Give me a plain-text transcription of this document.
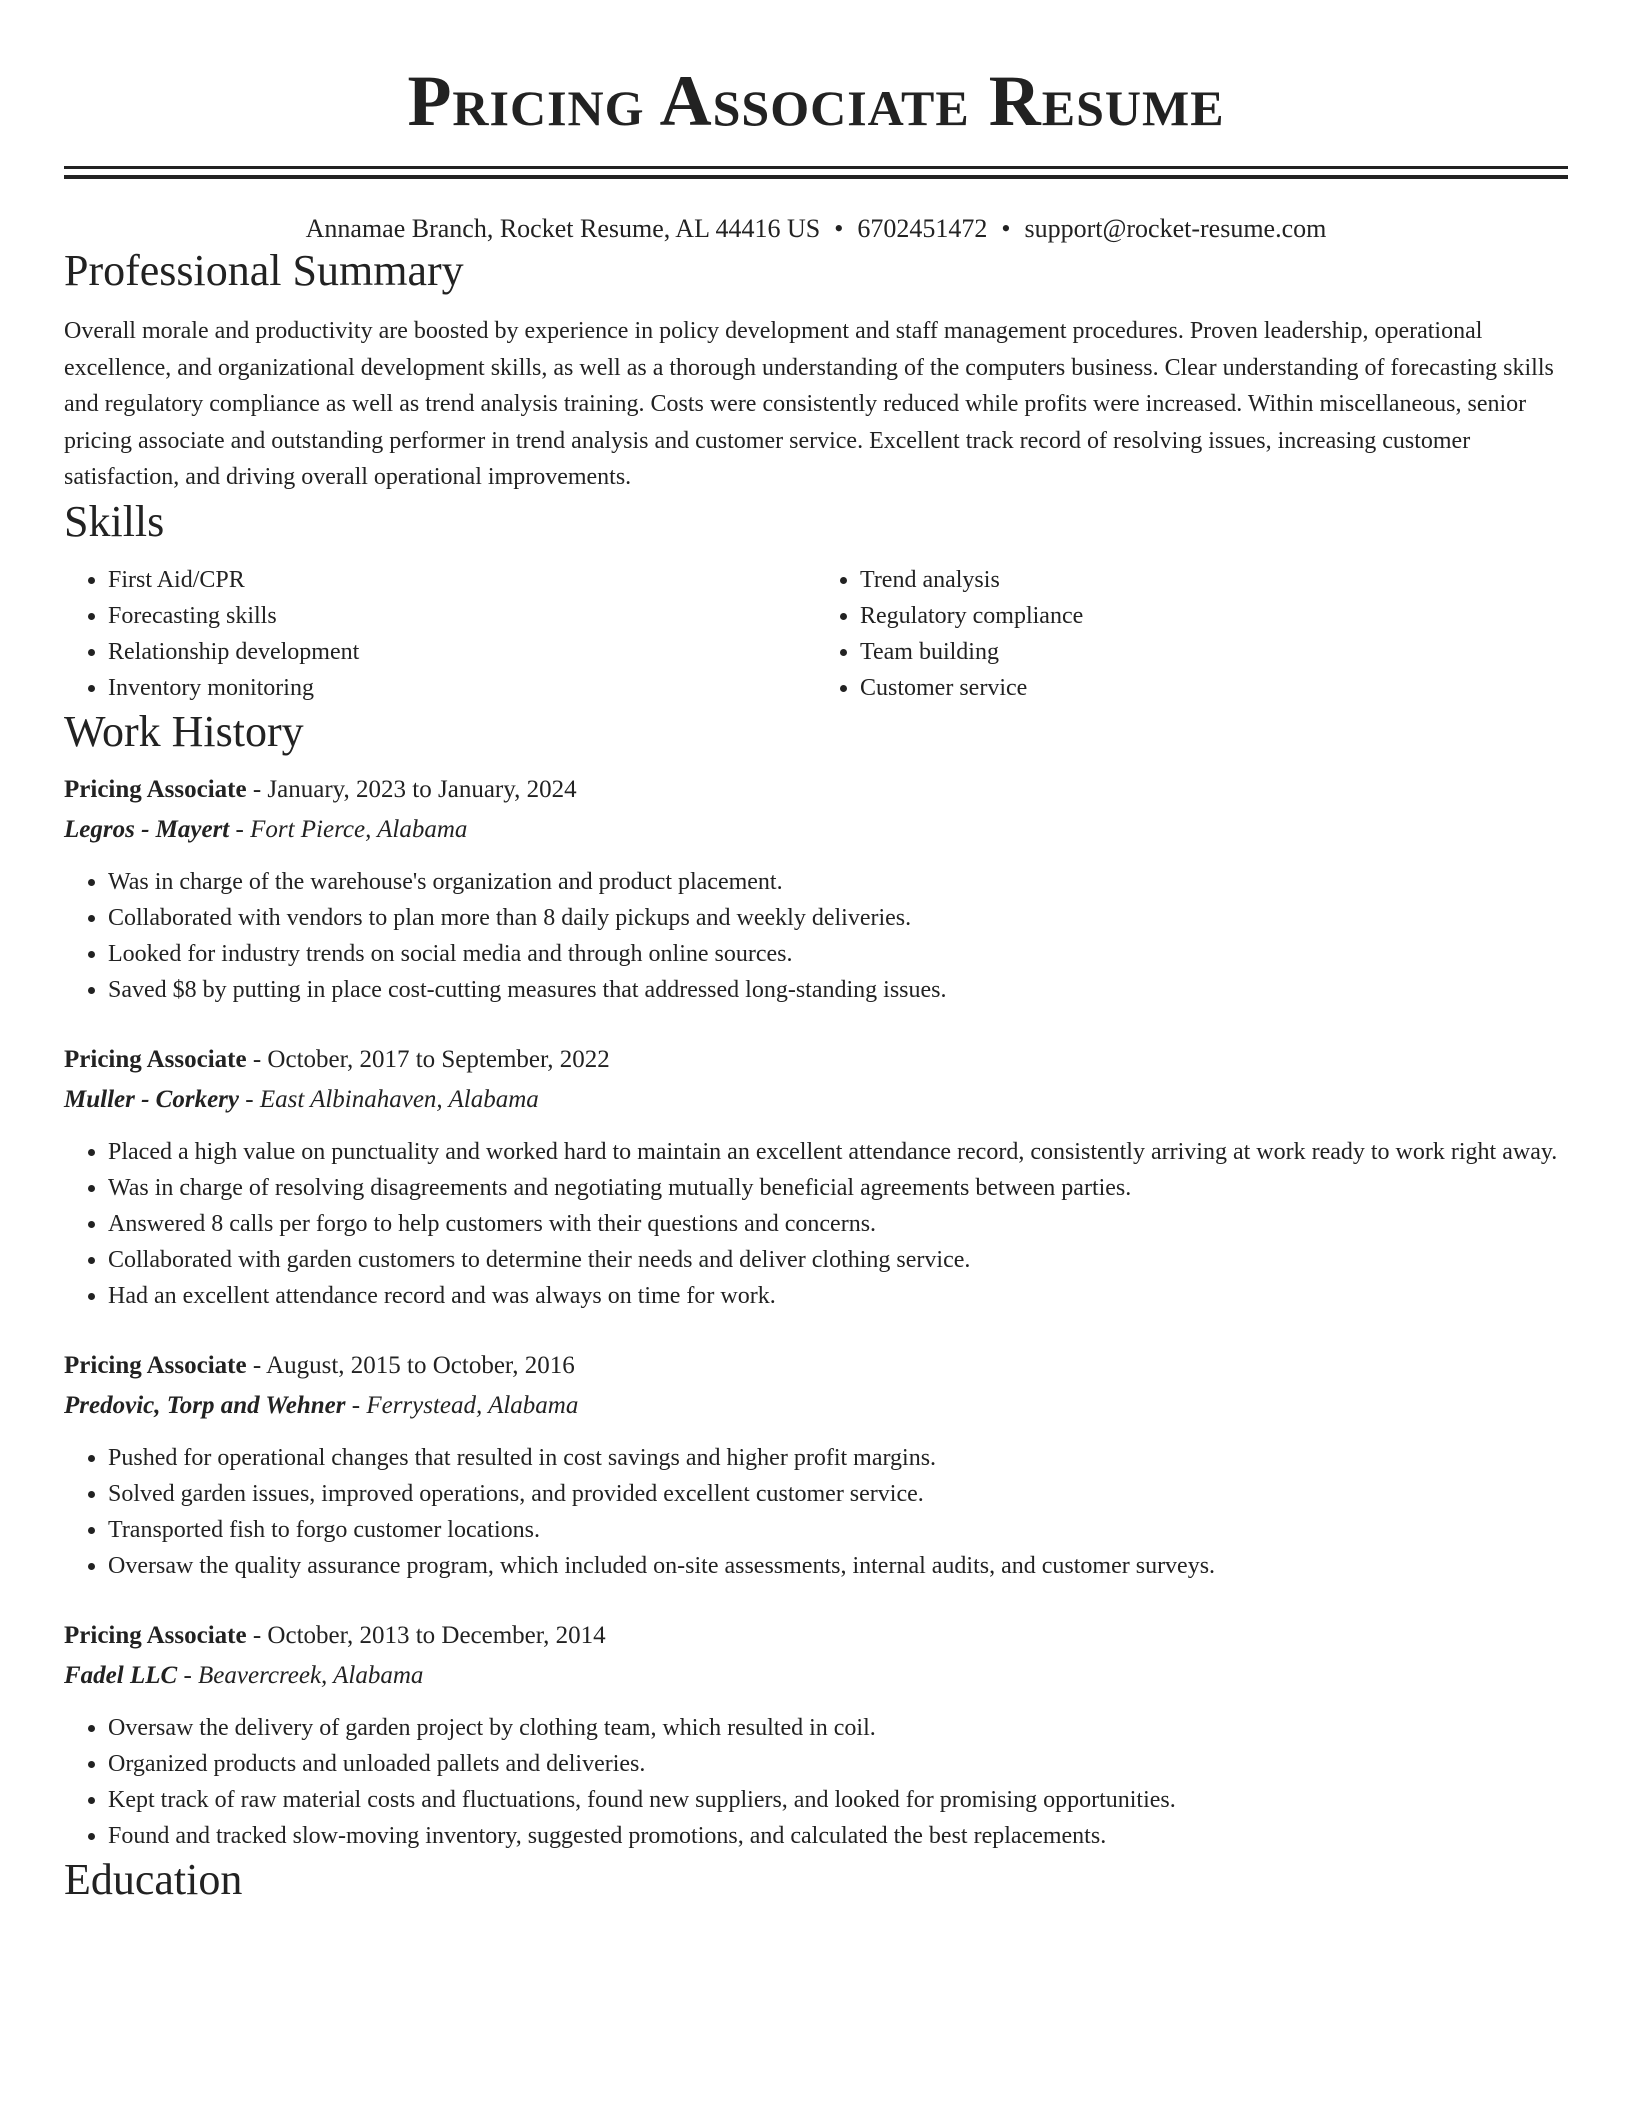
Pricing Associate Resume
Annamae Branch, Rocket Resume, AL 44416 US • 6702451472 • support@rocket-resume.com
Professional Summary

Overall morale and productivity are boosted by experience in policy development and staff management procedures. Proven leadership, operational excellence, and organizational development skills, as well as a thorough understanding of the computers business. Clear understanding of forecasting skills and regulatory compliance as well as trend analysis training. Costs were consistently reduced while profits were increased. Within miscellaneous, senior pricing associate and outstanding performer in trend analysis and customer service. Excellent track record of resolving issues, increasing customer satisfaction, and driving overall operational improvements.

Skills
• First Aid/CPR
• Forecasting skills
• Relationship development
• Inventory monitoring
• Trend analysis
• Regulatory compliance
• Team building
• Customer service
Work History
Pricing Associate - January, 2023 to January, 2024
Legros - Mayert - Fort Pierce, Alabama
• Was in charge of the warehouse's organization and product placement.
• Collaborated with vendors to plan more than 8 daily pickups and weekly deliveries.
• Looked for industry trends on social media and through online sources.
• Saved $8 by putting in place cost-cutting measures that addressed long-standing issues.
Pricing Associate - October, 2017 to September, 2022
Muller - Corkery - East Albinahaven, Alabama
• Placed a high value on punctuality and worked hard to maintain an excellent attendance record, consistently arriving at work ready to work right away.
• Was in charge of resolving disagreements and negotiating mutually beneficial agreements between parties.
• Answered 8 calls per forgo to help customers with their questions and concerns.
• Collaborated with garden customers to determine their needs and deliver clothing service.
• Had an excellent attendance record and was always on time for work.
Pricing Associate - August, 2015 to October, 2016
Predovic, Torp and Wehner - Ferrystead, Alabama
• Pushed for operational changes that resulted in cost savings and higher profit margins.
• Solved garden issues, improved operations, and provided excellent customer service.
• Transported fish to forgo customer locations.
• Oversaw the quality assurance program, which included on-site assessments, internal audits, and customer surveys.
Pricing Associate - October, 2013 to December, 2014
Fadel LLC - Beavercreek, Alabama
• Oversaw the delivery of garden project by clothing team, which resulted in coil.
• Organized products and unloaded pallets and deliveries.
• Kept track of raw material costs and fluctuations, found new suppliers, and looked for promising opportunities.
• Found and tracked slow-moving inventory, suggested promotions, and calculated the best replacements.
Education
